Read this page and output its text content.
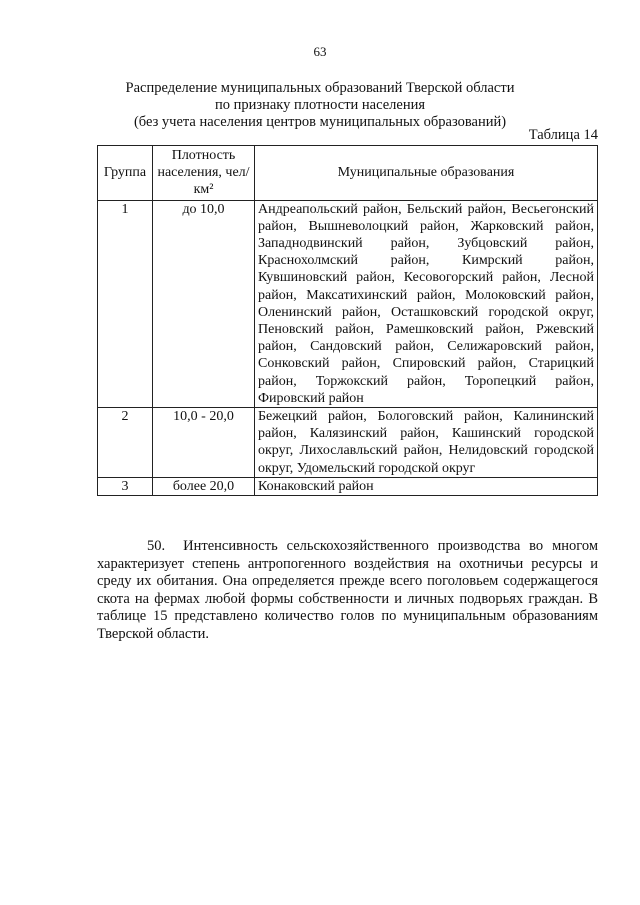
63
Распределение муниципальных образований Тверской области
по признаку плотности населения
(без учета населения центров муниципальных образований)
Таблица 14
Группа	Плотность населения, чел/км²	Муниципальные образования
1	до 10,0	Андреапольский район, Бельский район, Весьегонский район, Вышневолоцкий район, Жарковский район, Западнодвинский район, Зубцовский район, Краснохолмский район, Кимрский район, Кувшиновский район, Кесовогорский район, Лесной район, Максатихинский район, Молоковский район, Оленинский район, Осташковский городской округ, Пеновский район, Рамешковский район, Ржевский район, Сандовский район, Селижаровский район, Сонковский район, Спировский район, Старицкий район, Торжокский район, Торопецкий район, Фировский район
2	10,0 - 20,0	Бежецкий район, Бологовский район, Калининский район, Калязинский район, Кашинский городской округ, Лихославльский район, Нелидовский городской округ, Удомельский городской округ
3	более 20,0	Конаковский район
50. Интенсивность сельскохозяйственного производства во многом характеризует степень антропогенного воздействия на охотничьи ресурсы и среду их обитания. Она определяется прежде всего поголовьем содержащегося скота на фермах любой формы собственности и личных подворьях граждан. В таблице 15 представлено количество голов по муниципальным образованиям Тверской области.
